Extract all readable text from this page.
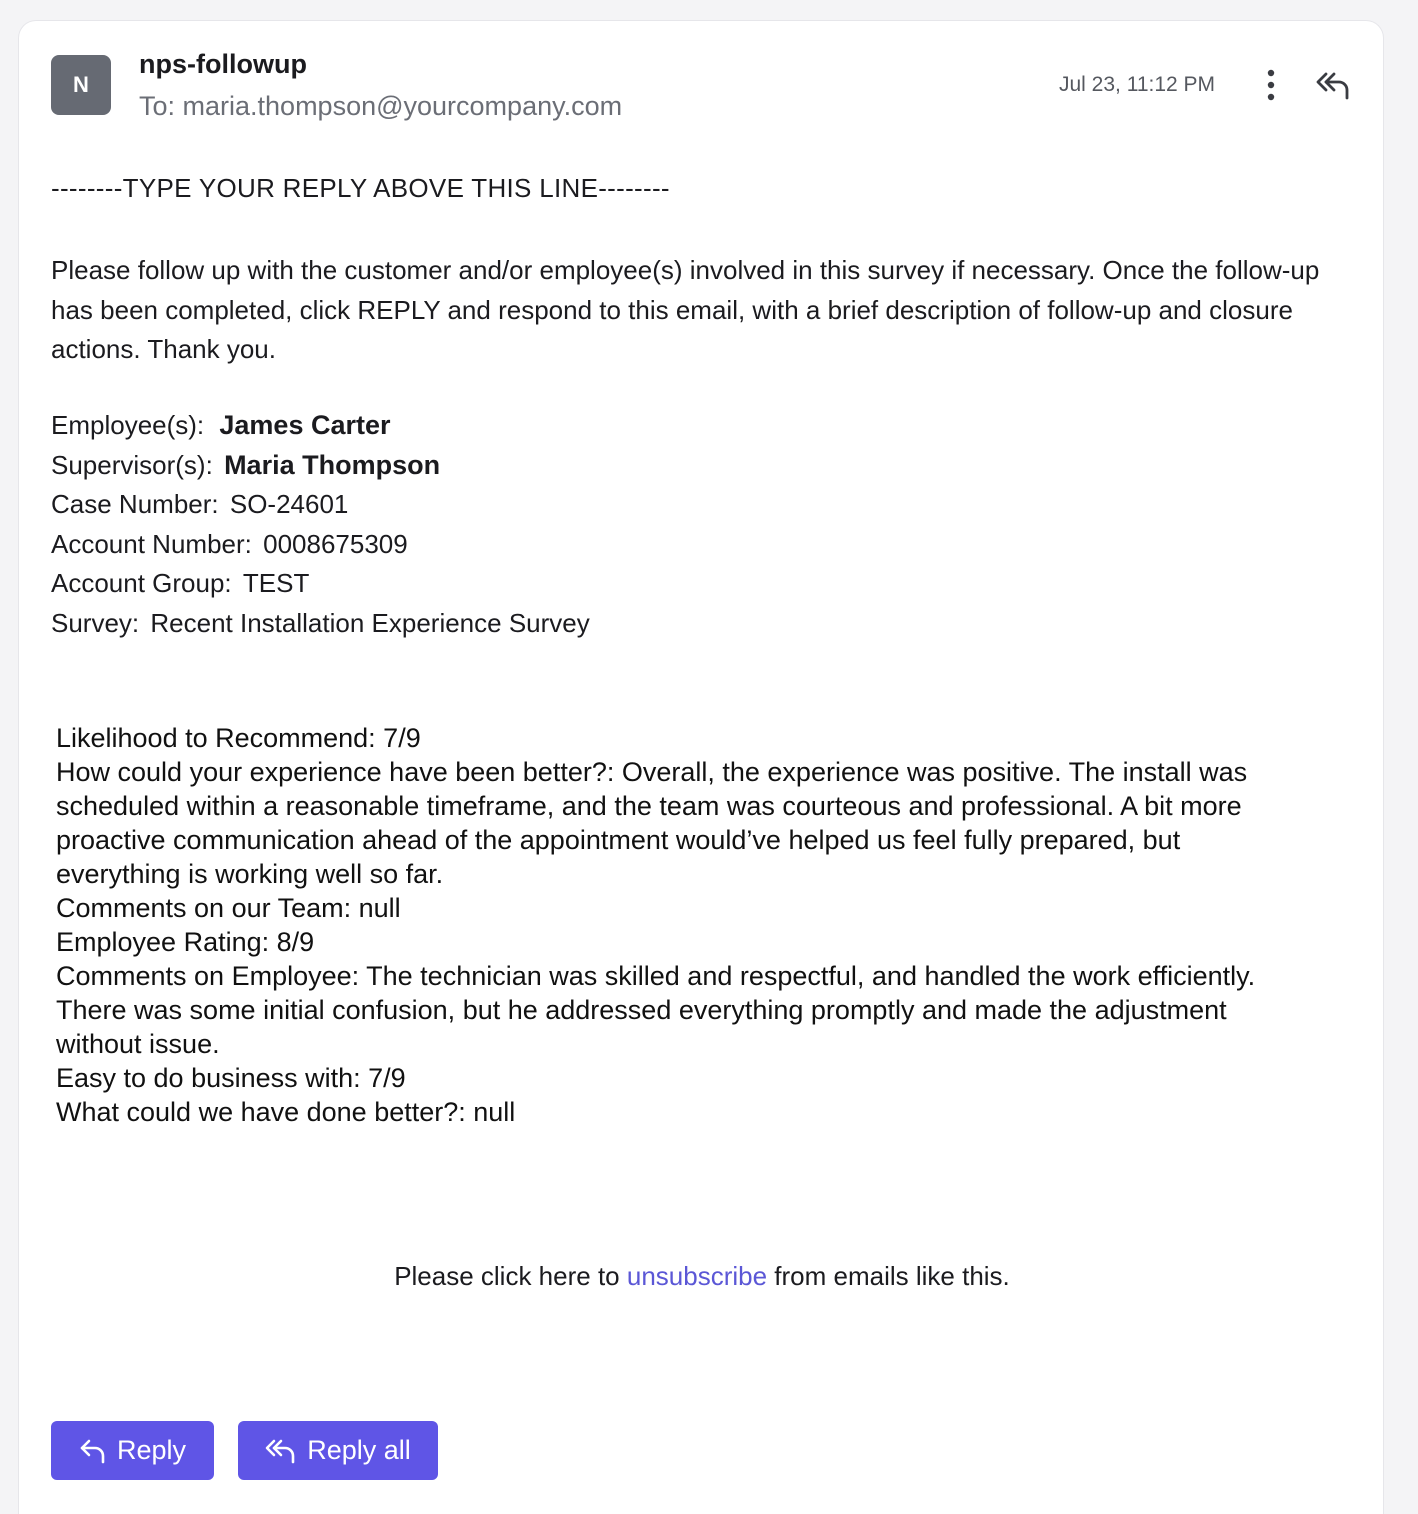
N
nps-followup
To: maria.thompson@yourcompany.com
Jul 23, 11:12 PM
--------TYPE YOUR REPLY ABOVE THIS LINE--------
Please follow up with the customer and/or employee(s) involved in this survey if necessary. Once the follow-up has been completed, click REPLY and respond to this email, with a brief description of follow-up and closure actions. Thank you.
Employee(s): James Carter
Supervisor(s): Maria Thompson
Case Number: SO-24601
Account Number: 0008675309
Account Group: TEST
Survey: Recent Installation Experience Survey
Likelihood to Recommend: 7/9
How could your experience have been better?: Overall, the experience was positive. The install was scheduled within a reasonable timeframe, and the team was courteous and professional. A bit more proactive communication ahead of the appointment would’ve helped us feel fully prepared, but everything is working well so far.
Comments on our Team: null
Employee Rating: 8/9
Comments on Employee: The technician was skilled and respectful, and handled the work efficiently. There was some initial confusion, but he addressed everything promptly and made the adjustment without issue.
Easy to do business with: 7/9
What could we have done better?: null
Please click here to unsubscribe from emails like this.
Reply	Reply all
